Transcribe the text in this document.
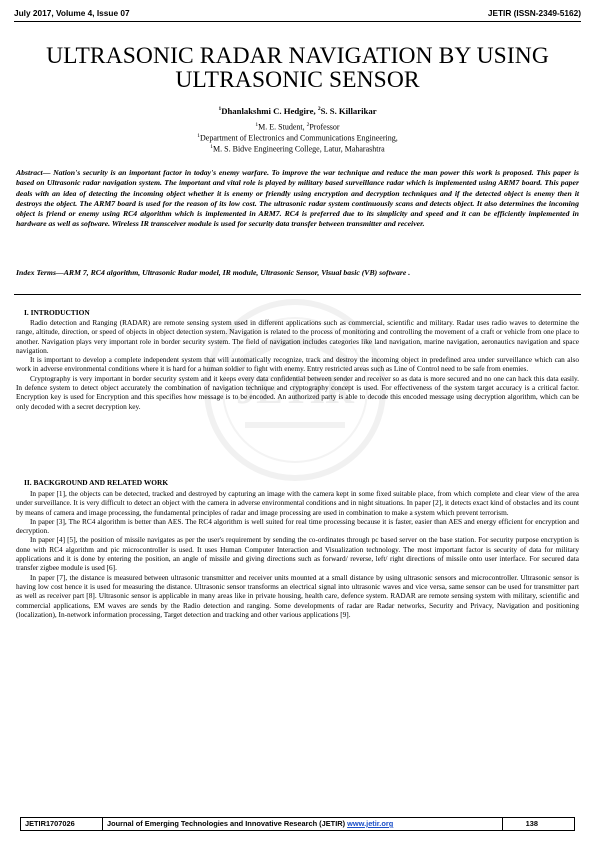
July 2017, Volume 4, Issue 07	JETIR (ISSN-2349-5162)
ULTRASONIC RADAR NAVIGATION BY USING
ULTRASONIC SENSOR
$^1$Dhanlakshmi C. Hedgire, $^2$S. S. Killarikar
$^1$M. E. Student, $^2$Professor
$^1$Department of Electronics and Communications Engineering,
$^1$M. S. Bidve Engineering College, Latur, Maharashtra
Abstract— Nation's security is an important factor in today's enemy warfare. To improve the war technique and reduce the man power this work is proposed. This paper is based on Ultrasonic radar navigation system. The important and vital role is played by military based surveillance radar which is implemented using ARM7 board. This paper deals with an idea of detecting the incoming object whether it is enemy or friendly using encryption and decryption techniques and if the detected object is enemy then it destroys the object. The ARM7 board is used for the reason of its low cost. The ultrasonic radar system continuously scans and detects object. It also determines the incoming object is friend or enemy using RC4 algorithm which is implemented in ARM7. RC4 is preferred due to its simplicity and speed and it can be efficiently implemented in hardware as well as software. Wireless IR transceiver module is used for security data transfer between transmitter and receiver.
Index Terms—ARM 7, RC4 algorithm, Ultrasonic Radar model, IR module, Ultrasonic Sensor, Visual basic (VB) software .
JETIR
I. INTRODUCTION

Radio detection and Ranging (RADAR) are remote sensing system used in different applications such as commercial, scientific and military. Radar uses radio waves to determine the range, altitude, direction, or speed of objects in object detection system. Navigation is related to the process of monitoring and controlling the movement of a craft or vehicle from one place to another. Navigation plays very important role in border security system. The field of navigation includes categories like land navigation, marine navigation, aeronautics navigation and space navigation.

It is important to develop a complete independent system that will automatically recognize, track and destroy the incoming object in predefined area under surveillance which can also work in adverse environmental conditions where it is hard for a human soldier to fight with enemy. Entry restricted areas such as Line of Control need to be safe from enemies.

Cryptography is very important in border security system and it keeps every data confidential between sender and receiver so as data is more secured and no one can hack this data easily. In defence system to detect object accurately the combination of navigation technique and cryptography concept is used. For effectiveness of the system target accuracy is a critical factor. Encryption key is used for Encryption and this specifies how message is to be encoded. An authorized party is able to decode this encoded message using decryption algorithm, which can be only decoded with a secret decryption key.

II. BACKGROUND AND RELATED WORK

In paper [1], the objects can be detected, tracked and destroyed by capturing an image with the camera kept in some fixed suitable place, from which complete and clear view of the area under surveillance. It is very difficult to detect an object with the camera in adverse environmental conditions and in night situations. In paper [2], it detects exact kind of obstacles and its count by means of camera and image processing, the fundamental principles of radar and image processing are used in combination to make a system which prevent terrorism.

In paper [3], The RC4 algorithm is better than AES. The RC4 algorithm is well suited for real time processing because it is faster, easier than AES and energy efficient for encryption and decryption.

In paper [4] [5], the position of missile navigates as per the user's requirement by sending the co-ordinates through pc based server on the base station. For security purpose encryption is done with RC4 algorithm and pic microcontroller is used. It uses Human Computer Interaction and Visualization technology. The most important factor is security of data for military applications and it is done by entering the position, an angle of missile and giving directions such as forward/ reverse, left/ right directions of missile onto user interface. For secured data transfer zigbee module is used [6].

In paper [7], the distance is measured between ultrasonic transmitter and receiver units mounted at a small distance by using ultrasonic sensors and microcontroller. Ultrasonic sensor is having low cost hence it is used for measuring the distance. Ultrasonic sensor transforms an electrical signal into ultrasonic waves and vice versa, same sensor can be used for transmitter part as well as receiver part [8]. Ultrasonic sensor is applicable in many areas like in private housing, health care, defence system. RADAR are remote sensing system with military, scientific and commercial applications, EM waves are sends by the Radio detection and ranging. Some developments of radar are Radar networks, Security and Privacy, Navigation and positioning (localization), In-network information processing, Target detection and tracking and other various applications [9].

JETIR1707026	Journal of Emerging Technologies and Innovative Research (JETIR) www.jetir.org	138
